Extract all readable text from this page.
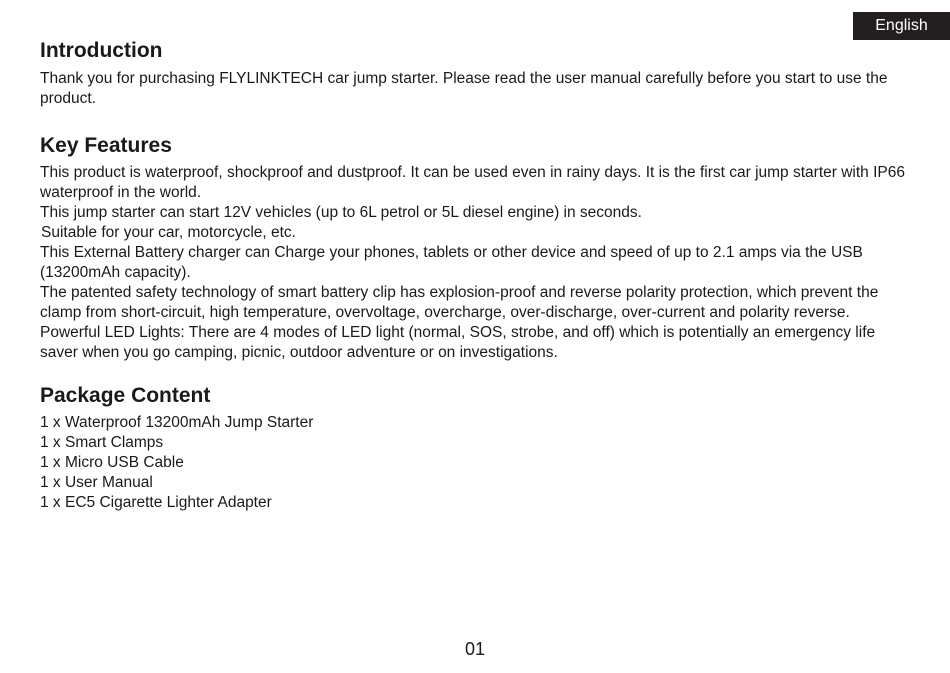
English
Introduction

Thank you for purchasing FLYLINKTECH car jump starter. Please read the user manual carefully before you start to use the product.

Key Features

This product is waterproof, shockproof and dustproof. It can be used even in rainy days. It is the first car jump starter with IP66 waterproof in the world.

This jump starter can start 12V vehicles (up to 6L petrol or 5L diesel engine) in seconds.

Suitable for your car, motorcycle, etc.

This External Battery charger can Charge your phones, tablets or other device and speed of up to 2.1 amps via the USB (13200mAh capacity).

The patented safety technology of smart battery clip has explosion-proof and reverse polarity protection, which prevent the clamp from short-circuit, high temperature, overvoltage, overcharge, over-discharge, over-current and polarity reverse.

Powerful LED Lights: There are 4 modes of LED light (normal, SOS, strobe, and off) which is potentially an emergency life saver when you go camping, picnic, outdoor adventure or on investigations.

Package Content

1 x Waterproof 13200mAh Jump Starter

1 x Smart Clamps

1 x Micro USB Cable

1 x User Manual

1 x EC5 Cigarette Lighter Adapter

01
